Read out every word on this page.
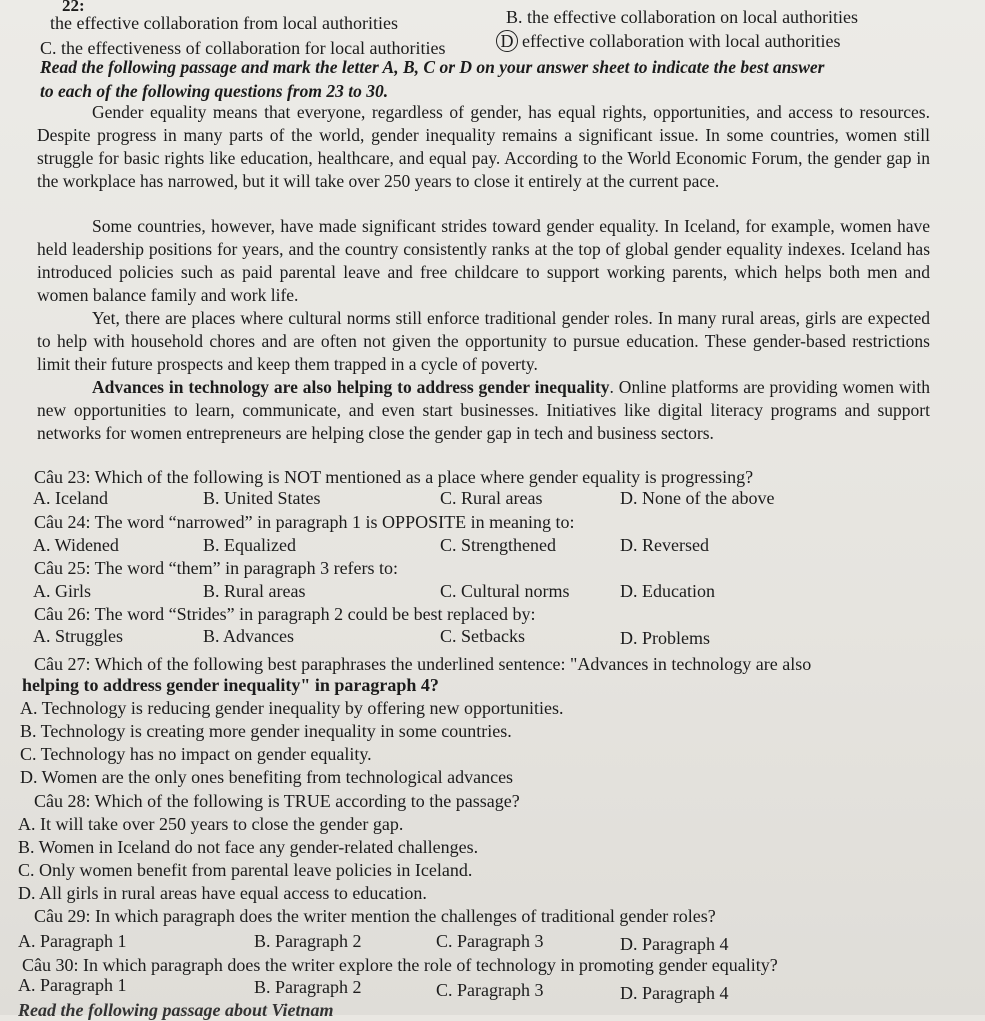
22:
the effective collaboration from local authorities	B. the effective collaboration on local authorities
C. the effectiveness of collaboration for local authorities	D effective collaboration with local authorities
Read the following passage and mark the letter A, B, C or D on your answer sheet to indicate the best answer
to each of the following questions from 23 to 30.
Gender equality means that everyone, regardless of gender, has equal rights, opportunities, and access to resources. Despite progress in many parts of the world, gender inequality remains a significant issue. In some countries, women still struggle for basic rights like education, healthcare, and equal pay. According to the World Economic Forum, the gender gap in the workplace has narrowed, but it will take over 250 years to close it entirely at the current pace.
Some countries, however, have made significant strides toward gender equality. In Iceland, for example, women have held leadership positions for years, and the country consistently ranks at the top of global gender equality indexes. Iceland has introduced policies such as paid parental leave and free childcare to support working parents, which helps both men and women balance family and work life.
Yet, there are places where cultural norms still enforce traditional gender roles. In many rural areas, girls are expected to help with household chores and are often not given the opportunity to pursue education. These gender-based restrictions limit their future prospects and keep them trapped in a cycle of poverty.
Advances in technology are also helping to address gender inequality. Online platforms are providing women with new opportunities to learn, communicate, and even start businesses. Initiatives like digital literacy programs and support networks for women entrepreneurs are helping close the gender gap in tech and business sectors.
Câu 23: Which of the following is NOT mentioned as a place where gender equality is progressing?
A. Iceland	B. United States	C. Rural areas	D. None of the above
Câu 24: The word “narrowed” in paragraph 1 is OPPOSITE in meaning to:
A. Widened	B. Equalized	C. Strengthened	D. Reversed
Câu 25: The word “them” in paragraph 3 refers to:
A. Girls	B. Rural areas	C. Cultural norms	D. Education
Câu 26: The word “Strides” in paragraph 2 could be best replaced by:
A. Struggles	B. Advances	C. Setbacks	D. Problems
Câu 27: Which of the following best paraphrases the underlined sentence: "Advances in technology are also
helping to address gender inequality" in paragraph 4?
A. Technology is reducing gender inequality by offering new opportunities.
B. Technology is creating more gender inequality in some countries.
C. Technology has no impact on gender equality.
D. Women are the only ones benefiting from technological advances
Câu 28: Which of the following is TRUE according to the passage?
A. It will take over 250 years to close the gender gap.
B. Women in Iceland do not face any gender-related challenges.
C. Only women benefit from parental leave policies in Iceland.
D. All girls in rural areas have equal access to education.
Câu 29: In which paragraph does the writer mention the challenges of traditional gender roles?
A. Paragraph 1	B. Paragraph 2	C. Paragraph 3	D. Paragraph 4
Câu 30: In which paragraph does the writer explore the role of technology in promoting gender equality?
A. Paragraph 1	B. Paragraph 2	C. Paragraph 3	D. Paragraph 4
Read the following passage about Vietnam
